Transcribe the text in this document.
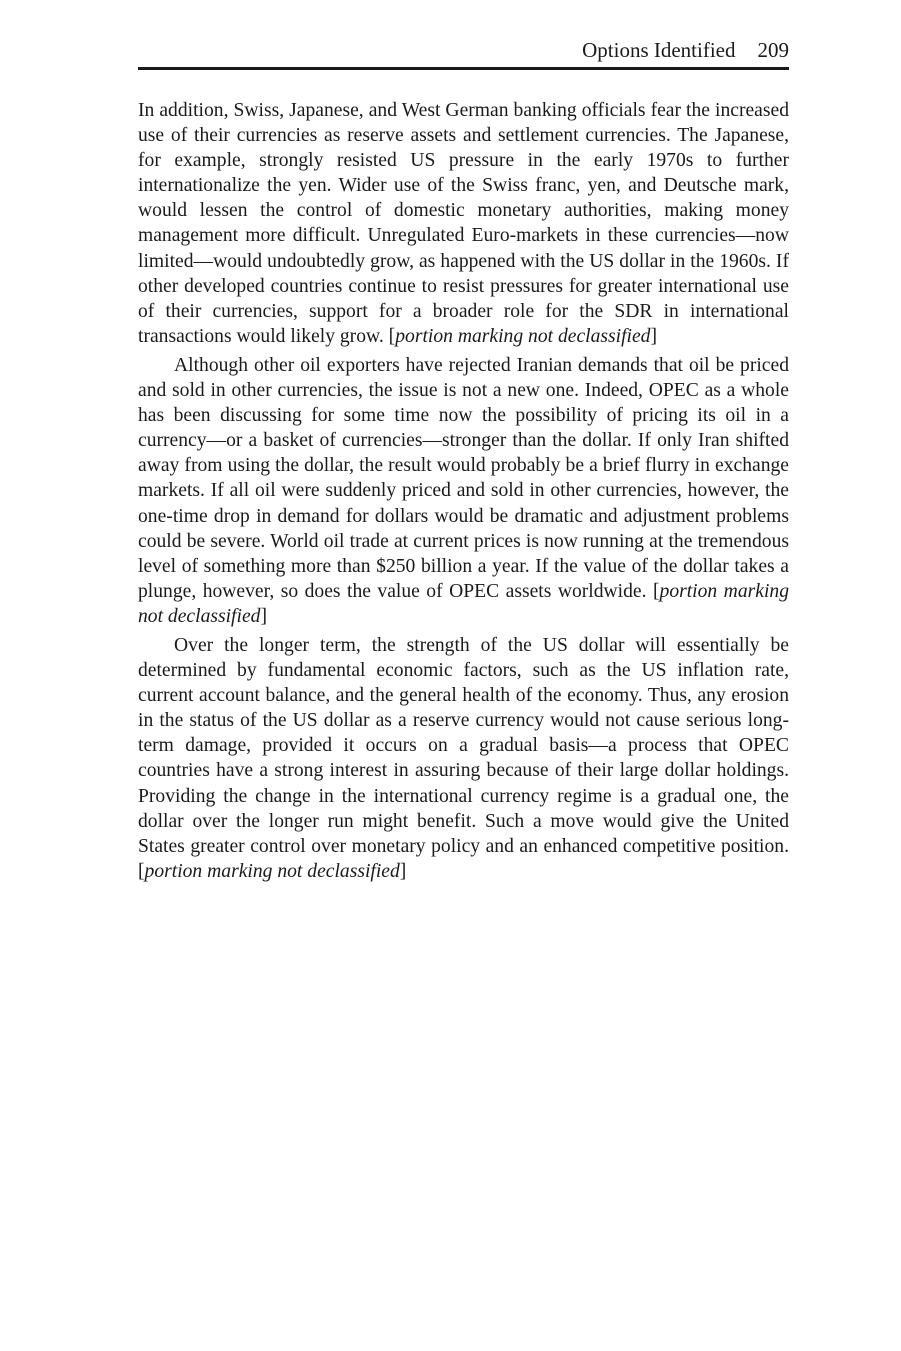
Options Identified 209

In addition, Swiss, Japanese, and West German banking officials fear the increased use of their currencies as reserve assets and settlement currencies. The Japanese, for example, strongly resisted US pressure in the early 1970s to further internationalize the yen. Wider use of the Swiss franc, yen, and Deutsche mark, would lessen the control of domestic monetary authorities, making money management more difficult. Unregulated Euro-markets in these currencies—now limited—would undoubtedly grow, as happened with the US dollar in the 1960s. If other developed countries continue to resist pressures for greater international use of their currencies, support for a broader role for the SDR in international transactions would likely grow. [portion marking not declassified]

Although other oil exporters have rejected Iranian demands that oil be priced and sold in other currencies, the issue is not a new one. Indeed, OPEC as a whole has been discussing for some time now the possibility of pricing its oil in a currency—or a basket of currencies—stronger than the dollar. If only Iran shifted away from using the dollar, the result would probably be a brief flurry in exchange markets. If all oil were suddenly priced and sold in other currencies, however, the one-time drop in demand for dollars would be dramatic and adjustment problems could be severe. World oil trade at current prices is now running at the tremendous level of something more than $250 billion a year. If the value of the dollar takes a plunge, however, so does the value of OPEC assets worldwide. [portion marking not declassified]

Over the longer term, the strength of the US dollar will essentially be determined by fundamental economic factors, such as the US inflation rate, current account balance, and the general health of the economy. Thus, any erosion in the status of the US dollar as a reserve currency would not cause serious long-term damage, provided it occurs on a gradual basis—a process that OPEC countries have a strong interest in assuring because of their large dollar holdings. Providing the change in the international currency regime is a gradual one, the dollar over the longer run might benefit. Such a move would give the United States greater control over monetary policy and an enhanced competitive position. [portion marking not declassified]
